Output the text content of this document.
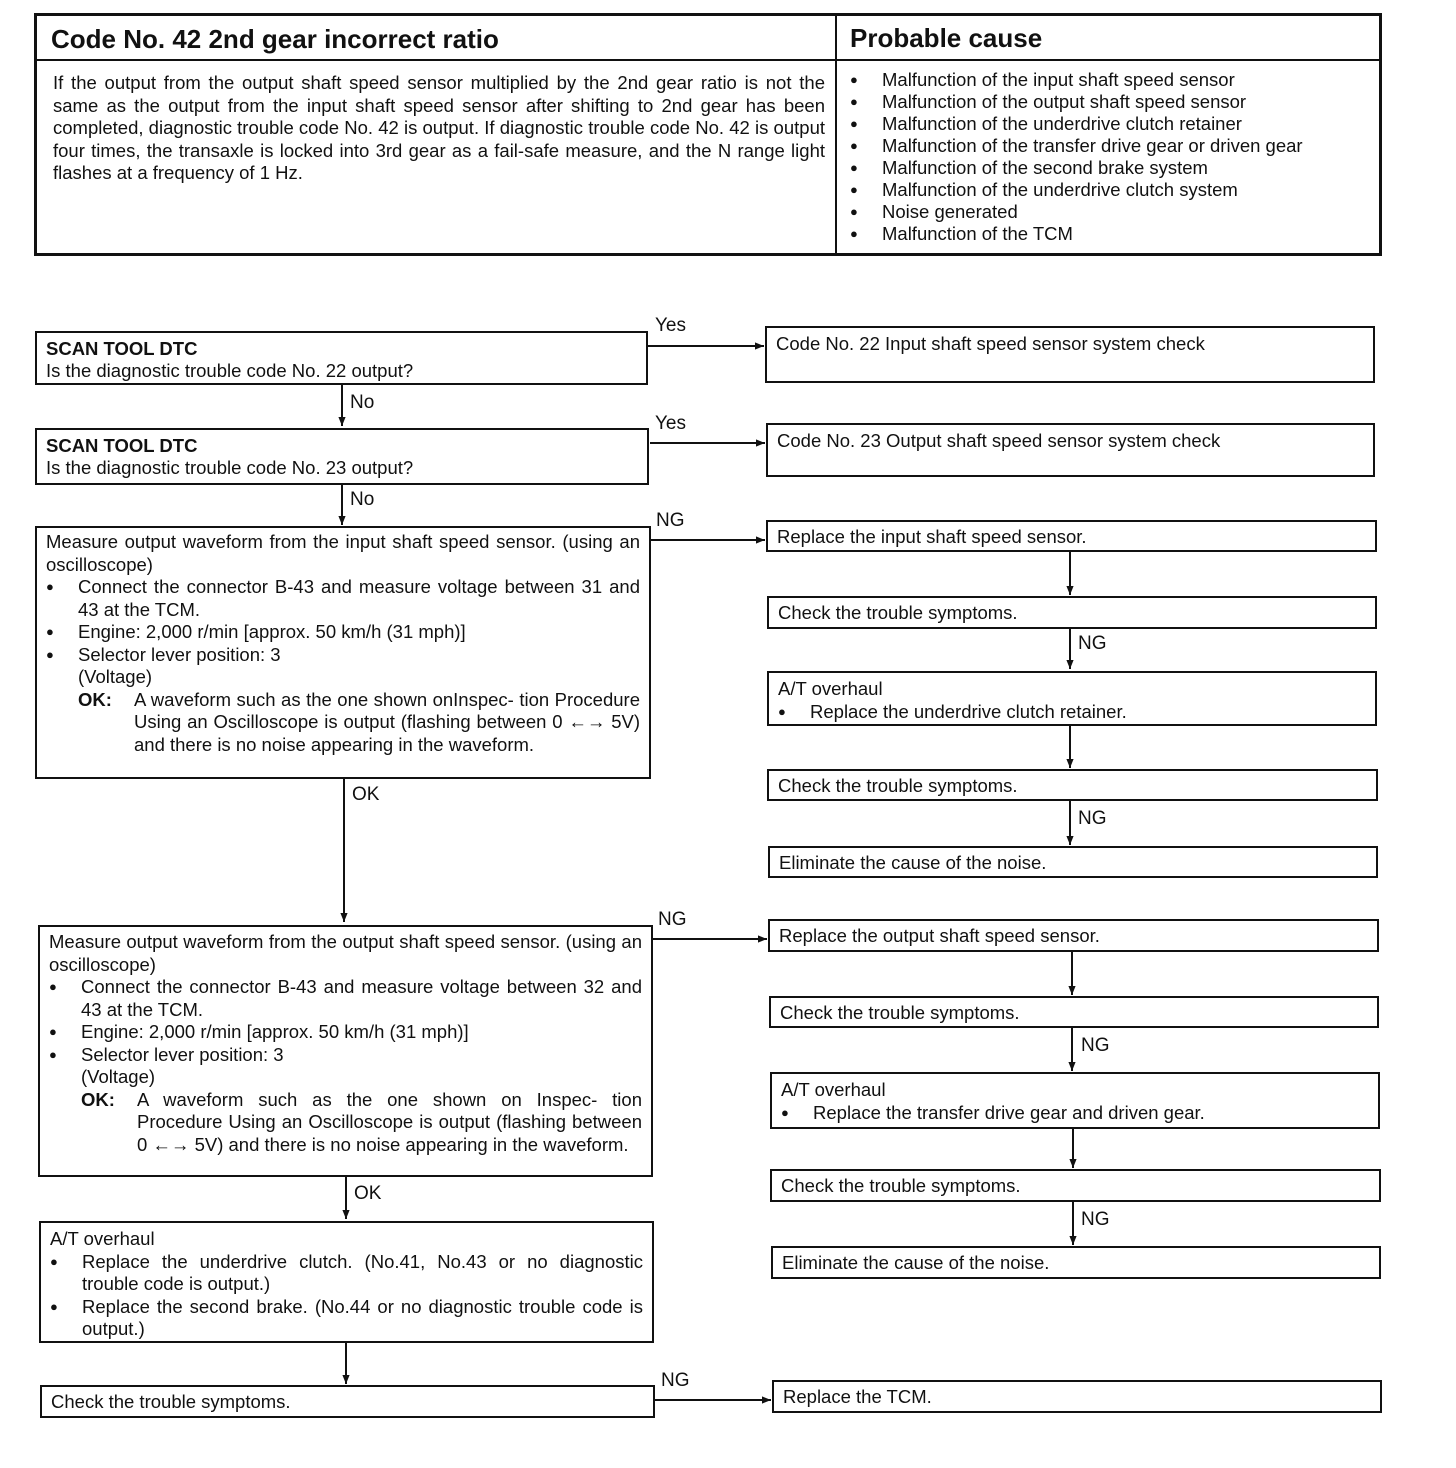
Code No. 42 2nd gear incorrect ratio	Probable cause
If the output from the output shaft speed sensor multiplied by the 2nd gear ratio is not the same as the output from the input shaft speed sensor after shifting to 2nd gear has been completed, diagnostic trouble code No. 42 is output. If diagnostic trouble code No. 42 is output four times, the transaxle is locked into 3rd gear as a fail-safe measure, and the N range light flashes at a frequency of 1 Hz.
● Malfunction of the input shaft speed sensor
● Malfunction of the output shaft speed sensor
● Malfunction of the underdrive clutch retainer
● Malfunction of the transfer drive gear or driven gear
● Malfunction of the second brake system
● Malfunction of the underdrive clutch system
● Noise generated
● Malfunction of the TCM
SCAN TOOL DTC
Is the diagnostic trouble code No. 22 output?
SCAN TOOL DTC
Is the diagnostic trouble code No. 23 output?
Measure output waveform from the input shaft speed sensor. (using an oscilloscope)
● Connect the connector B-43 and measure voltage between 31 and 43 at the TCM.
● Engine: 2,000 r/min [approx. 50 km/h (31 mph)]
● Selector lever position: 3
(Voltage)
OK:	A waveform such as the one shown onInspec- tion Procedure Using an Oscilloscope is output (flashing between 0 ←→ 5V) and there is no noise appearing in the waveform.
Measure output waveform from the output shaft speed sensor. (using an oscilloscope)
● Connect the connector B-43 and measure voltage between 32 and 43 at the TCM.
● Engine: 2,000 r/min [approx. 50 km/h (31 mph)]
● Selector lever position: 3
(Voltage)
OK:	A waveform such as the one shown on Inspec- tion Procedure Using an Oscilloscope is output (flashing between 0 ←→ 5V) and there is no noise appearing in the waveform.
A/T overhaul
● Replace the underdrive clutch. (No.41, No.43 or no diagnostic trouble code is output.)
● Replace the second brake. (No.44 or no diagnostic trouble code is output.)
Check the trouble symptoms.
Code No. 22 Input shaft speed sensor system check
Code No. 23 Output shaft speed sensor system check
Replace the input shaft speed sensor.
Check the trouble symptoms.
A/T overhaul
● Replace the underdrive clutch retainer.
Check the trouble symptoms.
Eliminate the cause of the noise.
Replace the output shaft speed sensor.
Check the trouble symptoms.
A/T overhaul
● Replace the transfer drive gear and driven gear.
Check the trouble symptoms.
Eliminate the cause of the noise.
Replace the TCM.
Yes
No
Yes
No
NG
NG
OK
NG
NG
NG
OK
NG
NG
